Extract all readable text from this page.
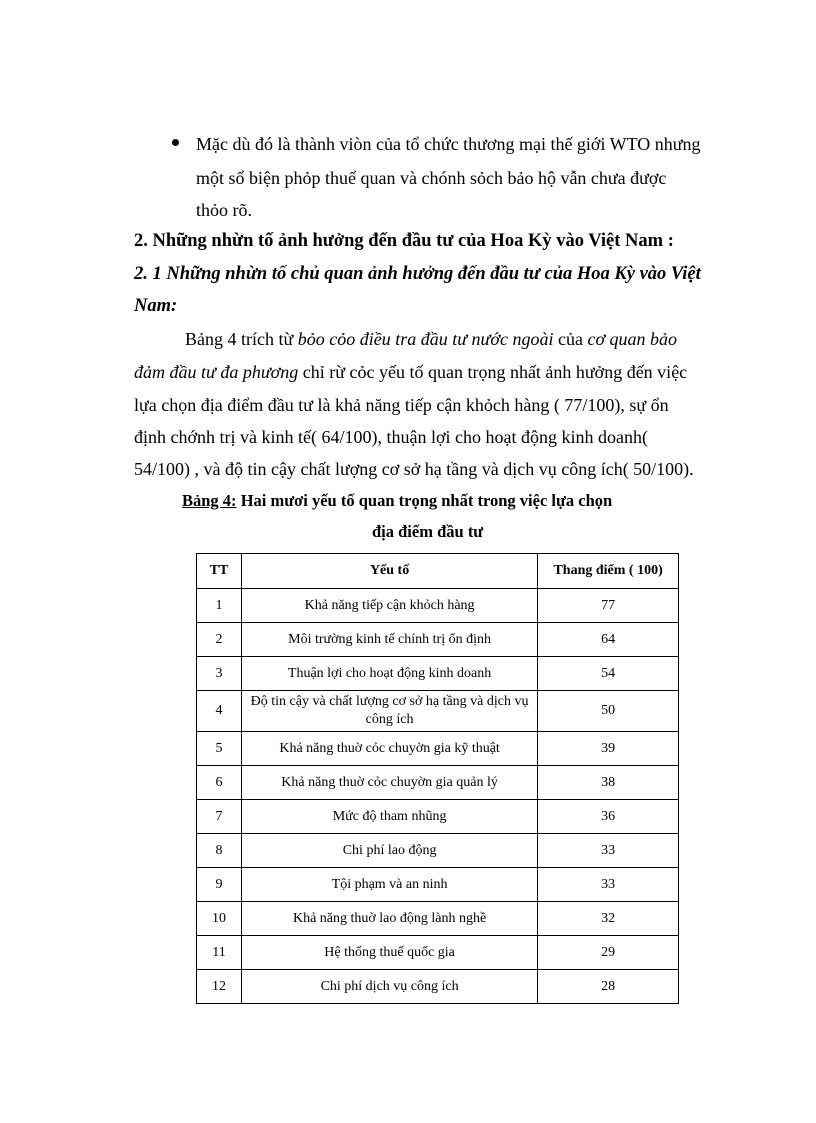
Mặc dù đó là thành viòn của tổ chức thương mại thế giới WTO nhưng
một số biện phỏp thuế quan và chónh sỏch bảo hộ vẫn chưa được
thỏo rõ.
2. Những nhừn tố ảnh hưởng đến đầu tư của Hoa Kỳ vào Việt Nam :
2. 1 Những nhừn tố chủ quan ảnh hưởng đến đầu tư của Hoa Kỳ vào Việt
Nam:
Bảng 4 trích từ bỏo cỏo điều tra đầu tư nước ngoài của cơ quan bảo
đảm đầu tư đa phương chỉ rừ cỏc yếu tố quan trọng nhất ảnh hưởng đến việc
lựa chọn địa điểm đầu tư là khả năng tiếp cận khỏch hàng ( 77/100), sự ổn
định chớnh trị và kinh tế( 64/100), thuận lợi cho hoạt động kinh doanh(
54/100) , và độ tin cậy chất lượng cơ sở hạ tầng và dịch vụ công ích( 50/100).
Bảng 4: Hai mươi yếu tố quan trọng nhất trong việc lựa chọn
địa điểm đầu tư
TT	Yếu tố	Thang điểm ( 100)
1	Khả năng tiếp cận khỏch hàng	77
2	Môi trường kinh tế chính trị ổn định	64
3	Thuận lợi cho hoạt động kinh doanh	54
4	Độ tin cậy và chất lượng cơ sở hạ tầng và dịch vụ công ích	50
5	Khả năng thuờ cỏc chuyờn gia kỹ thuật	39
6	Khả năng thuờ cỏc chuyờn gia quản lý	38
7	Mức độ tham nhũng	36
8	Chi phí lao động	33
9	Tội phạm và an ninh	33
10	Khả năng thuờ lao động lành nghề	32
11	Hệ thống thuế quốc gia	29
12	Chi phí dịch vụ công ích	28
